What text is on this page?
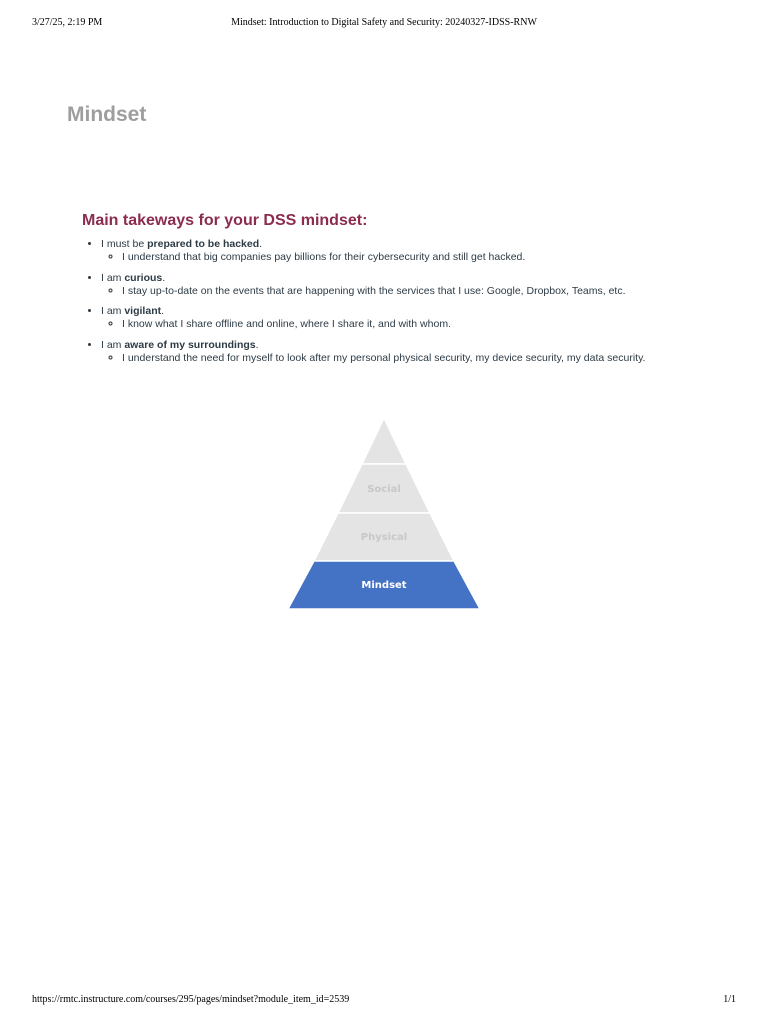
3/27/25, 2:19 PM	Mindset: Introduction to Digital Safety and Security: 20240327-IDSS-RNW
Mindset
Main takeways for your DSS mindset:
• I must be prepared to be hacked.
◦ I understand that big companies pay billions for their cybersecurity and still get hacked.
• I am curious.
◦ I stay up-to-date on the events that are happening with the services that I use: Google, Dropbox, Teams, etc.
• I am vigilant.
◦ I know what I share offline and online, where I share it, and with whom.
• I am aware of my surroundings.
◦ I understand the need for myself to look after my personal physical security, my device security, my data security.
Social
Physical
Mindset
https://rmtc.instructure.com/courses/295/pages/mindset?module_item_id=2539	1/1
